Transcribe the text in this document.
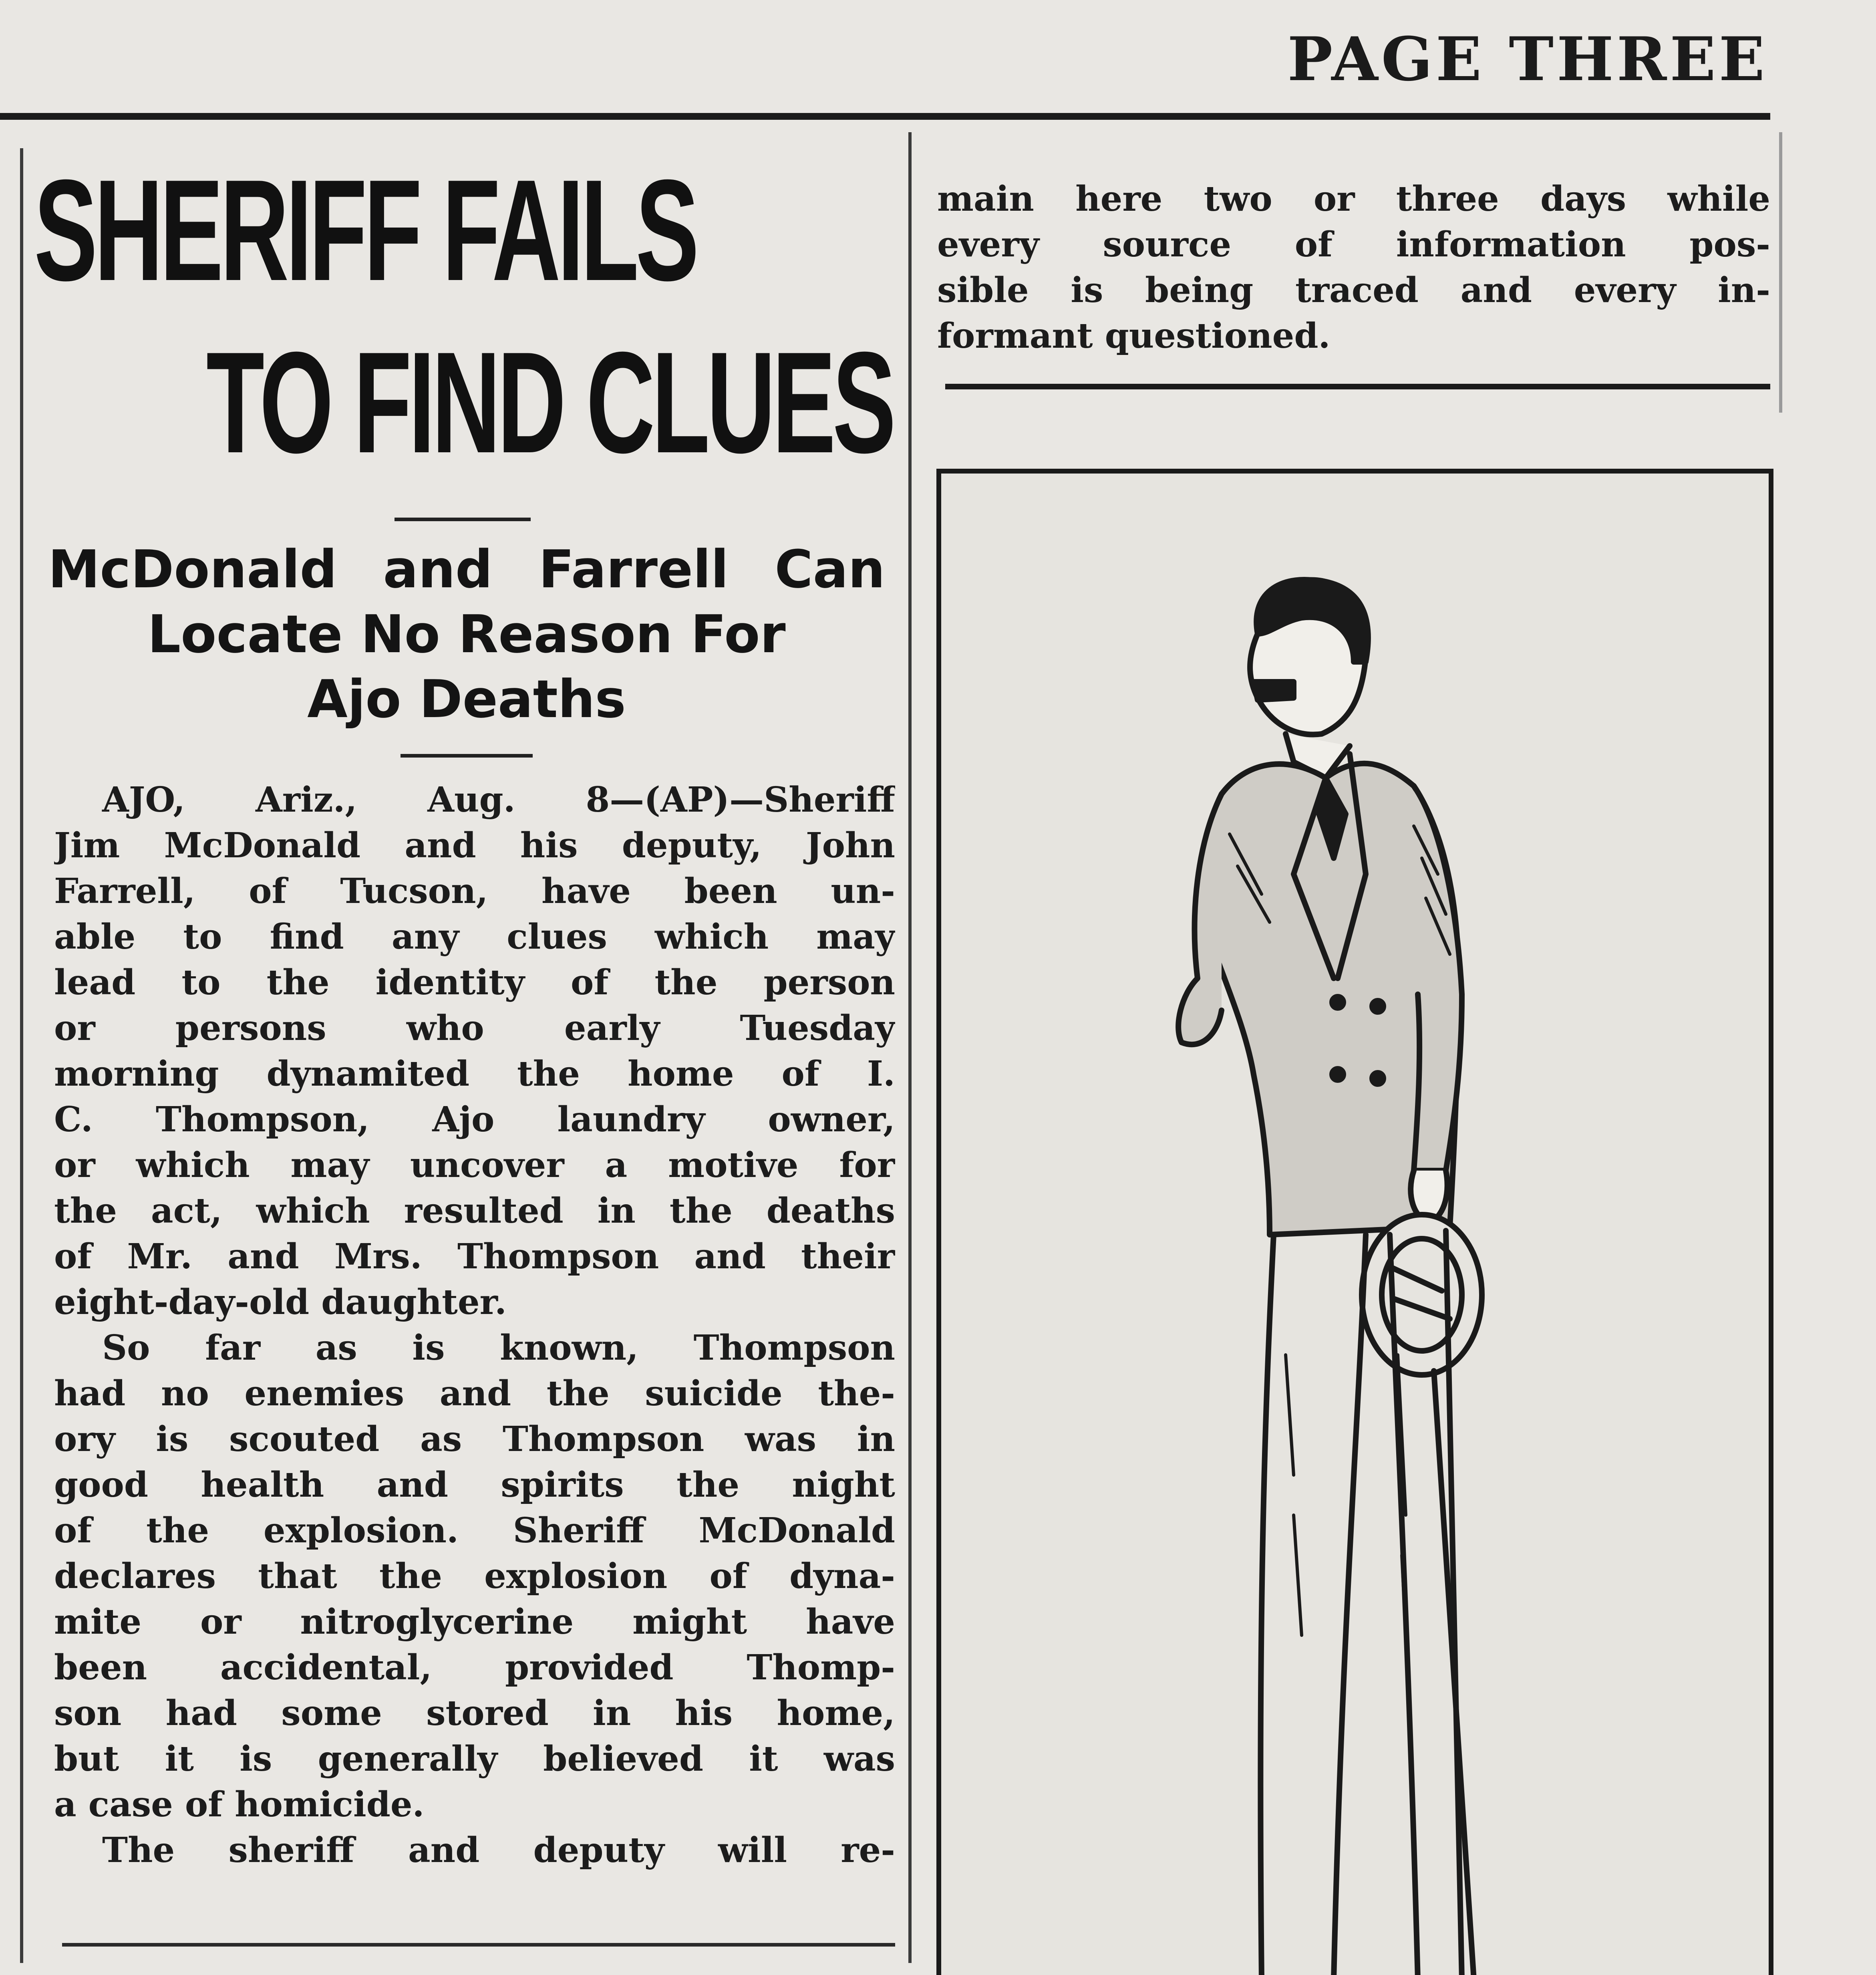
PAGE THREE
SHERIFF FAILS
TO FIND CLUES
McDonald and Farrell Can
Locate No Reason For
Ajo Deaths
AJO, Ariz., Aug. 8—(AP)—Sheriff
Jim McDonald and his deputy, John
Farrell, of Tucson, have been un-
able to find any clues which may
lead to the identity of the person
or persons who early Tuesday
morning dynamited the home of I.
C. Thompson, Ajo laundry owner,
or which may uncover a motive for
the act, which resulted in the deaths
of Mr. and Mrs. Thompson and their
eight-day-old daughter.
So far as is known, Thompson
had no enemies and the suicide the-
ory is scouted as Thompson was in
good health and spirits the night
of the explosion. Sheriff McDonald
declares that the explosion of dyna-
mite or nitroglycerine might have
been accidental, provided Thomp-
son had some stored in his home,
but it is generally believed it was
a case of homicide.
The sheriff and deputy will re-
main here two or three days while
every source of information pos-
sible is being traced and every in-
formant questioned.
